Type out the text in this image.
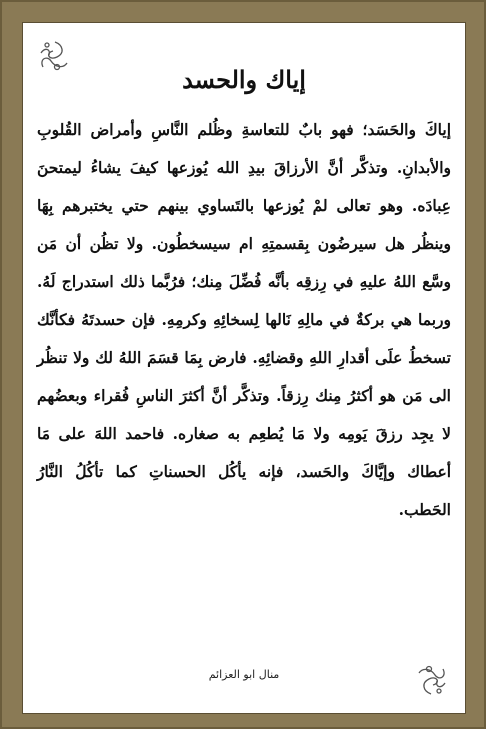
إياك والحسد
إياكَ والحَسَد؛ فهو بابٌ للتعاسةِ وظُلم النَّاسِ وأمراض القُلوبِ والأبدانِ. وتذكَّر أنَّ الأرزاقَ بيدِ الله يُوزعها كيفَ يشاءُ ليمتحنَ عِبادَه. وهو تعالى لمْ يُوزعها بالتَساوي بينهم حتي يختبرهم بِهَا وينظُر هل سيرضُون بِقسمتِهِ ام سيسخطُون. ولا تظُن أن مَن وسَّع اللهُ عليهِ في رِزقِه بأنَّه فُضِّلَ مِنك؛ فرُبَّما ذلك استدراج لَهُ. وربما هي بركةٌ في مالِهِ نَالها لِسخائِهِ وكرمِهِ. فإن حسدتَهُ فكأنَّك تسخطُ علَى أقدارِ اللهِ وقضائِهِ. فارض بِمَا قسَمَ اللهُ لك ولا تنظُر الى مَن هو أكثرُ مِنك رِزقاً. وتذكَّر أنَّ أكثرَ الناسِ فُقراء وبعضُهم لا يجِد رزقَ يَومِه ولا مَا يُطعِم به صغاره. فاحمد اللهَ على مَا أعطاك وإيَّاكَ والحَسد، فإنه يأكُل الحسناتِ كما تأكُلُ النَّارُ الحَطب.
منال ابو العزائم
